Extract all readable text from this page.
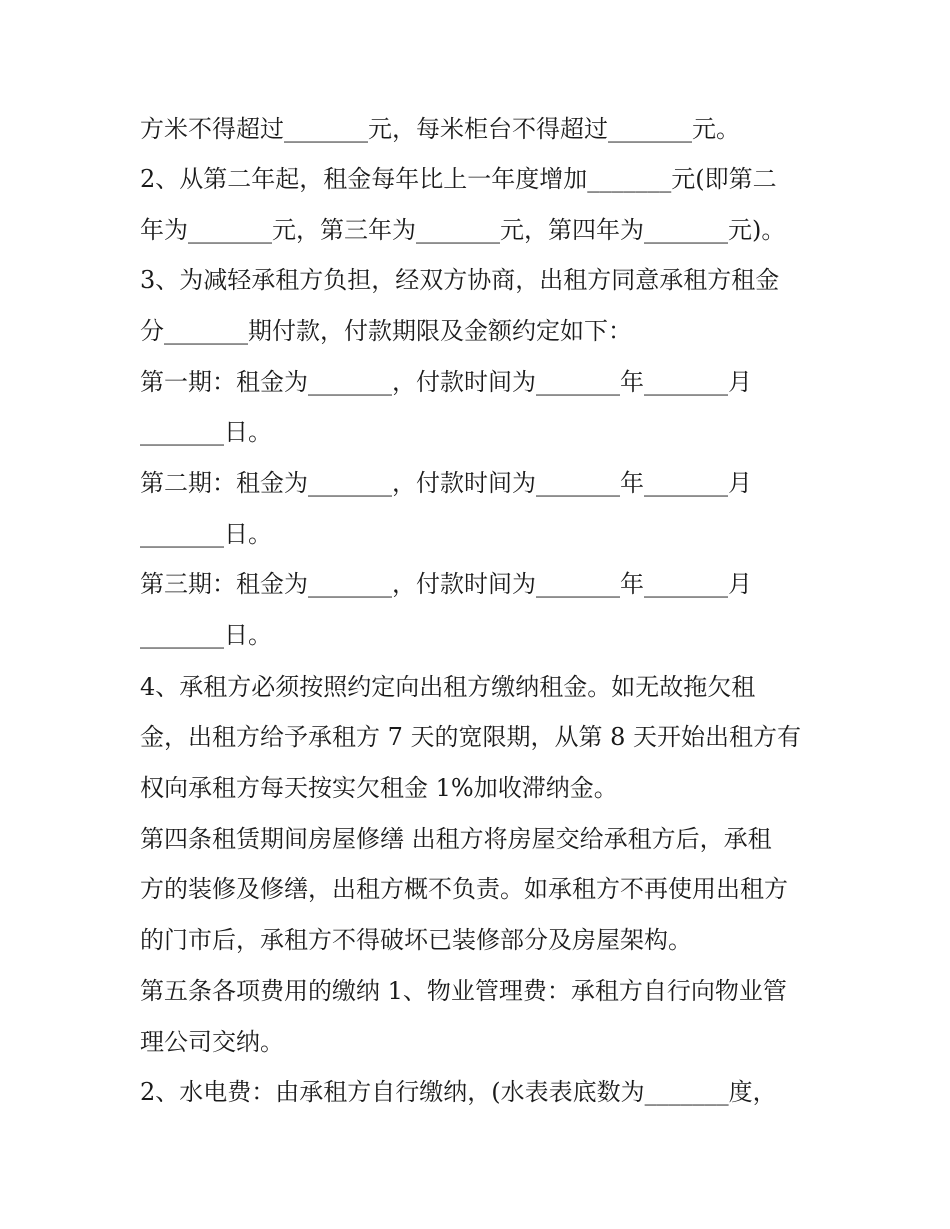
方米不得超过_______元，每米柜台不得超过_______元。

2、从第二年起，租金每年比上一年度增加_______元(即第二

年为_______元，第三年为_______元，第四年为_______元)。

3、为减轻承租方负担，经双方协商，出租方同意承租方租金

分_______期付款，付款期限及金额约定如下：

第一期：租金为_______，付款时间为_______年_______月

_______日。

第二期：租金为_______，付款时间为_______年_______月

_______日。

第三期：租金为_______，付款时间为_______年_______月

_______日。

4、承租方必须按照约定向出租方缴纳租金。如无故拖欠租

金，出租方给予承租方 7 天的宽限期，从第 8 天开始出租方有

权向承租方每天按实欠租金 1%加收滞纳金。

第四条租赁期间房屋修缮 出租方将房屋交给承租方后，承租

方的装修及修缮，出租方概不负责。如承租方不再使用出租方

的门市后，承租方不得破坏已装修部分及房屋架构。

第五条各项费用的缴纳 1、物业管理费：承租方自行向物业管

理公司交纳。

2、水电费：由承租方自行缴纳，(水表表底数为_______度，
